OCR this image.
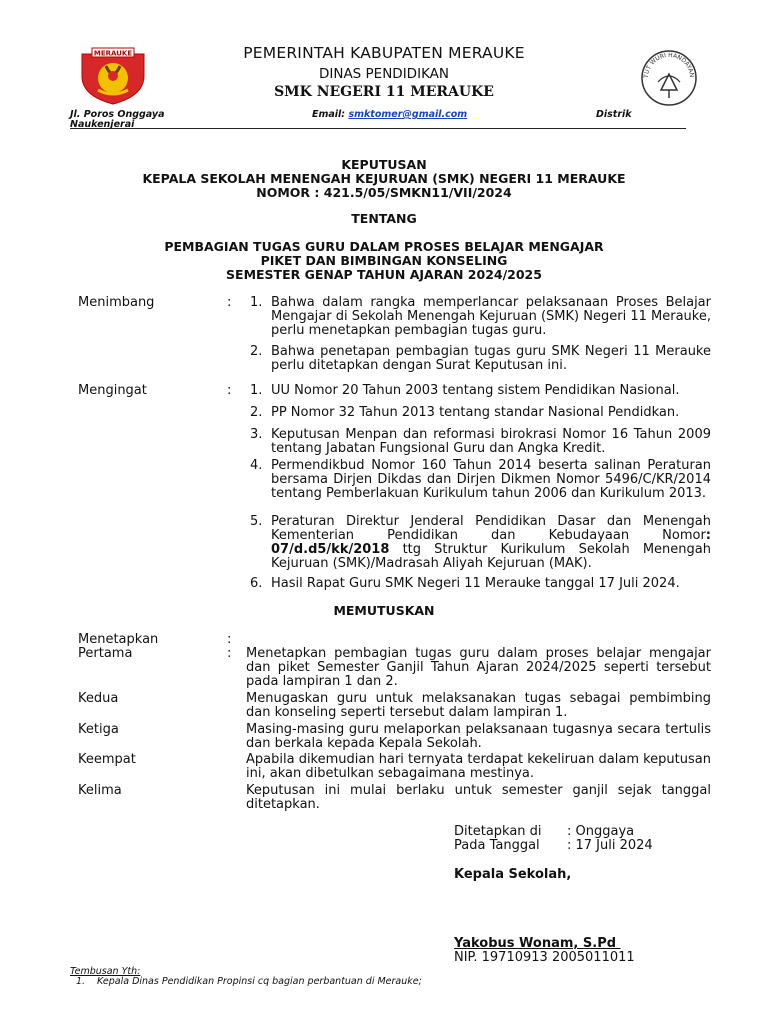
MERAUKE	PEMERINTAH KABUPATEN MERAUKE
DINAS PENDIDIKAN
SMK NEGERI 11 MERAUKE
TUT WURI HANDAYAN
Jl. Poros Onggaya
Naukenjerai
Email: smktomer@gmail.com	Distrik
KEPUTUSAN
KEPALA SEKOLAH MENENGAH KEJURUAN (SMK) NEGERI 11 MERAUKE
NOMOR : 421.5/05/SMKN11/VII/2024
TENTANG
PEMBAGIAN TUGAS GURU DALAM PROSES BELAJAR MENGAJAR
PIKET DAN BIMBINGAN KONSELING
SEMESTER GENAP TAHUN AJARAN 2024/2025
Menimbang	: 1. Bahwa dalam rangka memperlancar pelaksanaan Proses Belajar Mengajar di Sekolah Menengah Kejuruan (SMK) Negeri 11 Merauke, perlu menetapkan pembagian tugas guru.
2. Bahwa penetapan pembagian tugas guru SMK Negeri 11 Merauke perlu ditetapkan dengan Surat Keputusan ini.
Mengingat	: 1. UU Nomor 20 Tahun 2003 tentang sistem Pendidikan Nasional.
2. PP Nomor 32 Tahun 2013 tentang standar Nasional Pendidkan.
3. Keputusan Menpan dan reformasi birokrasi Nomor 16 Tahun 2009 tentang Jabatan Fungsional Guru dan Angka Kredit.
4. Permendikbud Nomor 160 Tahun 2014 beserta salinan Peraturan bersama Dirjen Dikdas dan Dirjen Dikmen Nomor 5496/C/KR/2014 tentang Pemberlakuan Kurikulum tahun 2006 dan Kurikulum 2013.
5. Peraturan Direktur Jenderal Pendidikan Dasar dan Menengah Kementerian Pendidikan dan Kebudayaan Nomor: 07/d.d5/kk/2018 ttg Struktur Kurikulum Sekolah Menengah Kejuruan (SMK)/Madrasah Aliyah Kejuruan (MAK).
6. Hasil Rapat Guru SMK Negeri 11 Merauke tanggal 17 Juli 2024.
MEMUTUSKAN
Menetapkan	:
Pertama	: Menetapkan pembagian tugas guru dalam proses belajar mengajar dan piket Semester Ganjil Tahun Ajaran 2024/2025 seperti tersebut pada lampiran 1 dan 2.
Kedua	Menugaskan guru untuk melaksanakan tugas sebagai pembimbing dan konseling seperti tersebut dalam lampiran 1.
Ketiga	Masing-masing guru melaporkan pelaksanaan tugasnya secara tertulis dan berkala kepada Kepala Sekolah.
Keempat	Apabila dikemudian hari ternyata terdapat kekeliruan dalam keputusan ini, akan dibetulkan sebagaimana mestinya.
Kelima	Keputusan ini mulai berlaku untuk semester ganjil sejak tanggal ditetapkan.
Ditetapkan di : Onggaya
Pada Tanggal : 17 Juli 2024
Kepala Sekolah,
Yakobus Wonam, S.Pd
NIP. 19710913 2005011011
Tembusan Yth:
1. Kepala Dinas Pendidikan Propinsi cq bagian perbantuan di Merauke;
